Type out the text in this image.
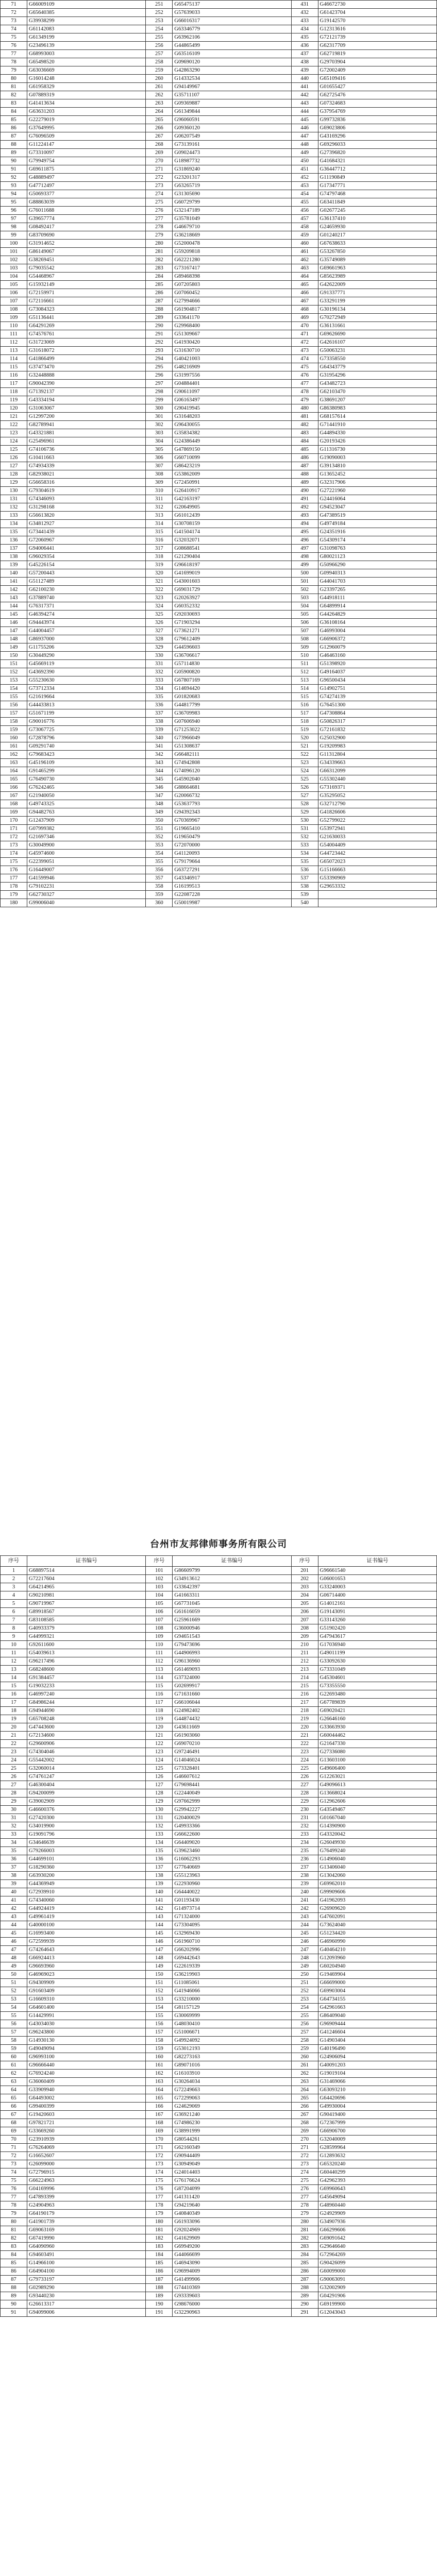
71	G66009109	251	G65475137	431	G46672730
72	G65640385	252	G57639033	432	G61423704
73	G39938299	253	G66016317	433	G19142570
74	G61142083	254	G63346779	434	G12313616
75	G61349199	255	G63962106	435	G72121739
76	G23496139	256	G44865499	436	G62317709
77	G68993003	257	G63516109	437	G62719819
78	G65498520	258	G09690120	438	G29703904
79	G63036669	259	G42863290	439	G72002409
80	G16014248	260	G14332534	440	G65109416
81	G61958329	261	G94149967	441	G01655427
82	G07889319	262	G35711107	442	G62725476
83	G41413634	263	G09369887	443	G07324683
84	G63631203	264	G61349844	444	G37954769
85	G22279019	265	G96060591	445	G99732836
86	G37649995	266	G09360120	446	G69023806
87	G76096509	267	G06207549	447	G43169296
88	G11224147	268	G73139161	448	G69296033
89	G73310097	269	G09024473	449	G27396820
90	G79949754	270	G18987732	450	G41684321
91	G69611875	271	G31869240	451	G36447712
92	G48889497	272	G23201317	452	G11190849
93	G47712497	273	G63265719	453	G17347771
94	G50693377	274	G31305690	454	G74797468
95	G88863039	275	G60729799	455	G63411849
96	G76011688	276	G32147189	456	G02677245
97	G39657774	277	G35781049	457	G36137410
98	G08492417	278	G46679710	458	G24659930
99	G83709690	279	G36218669	459	G01240217
100	G31914652	280	G52000478	460	G67638633
101	G86149067	281	G59209818	461	G53267850
102	G38269451	282	G62221280	462	G35749089
103	G79035542	283	G73167417	463	G69661963
104	G54468967	284	G89468398	464	G85623989
105	G15932149	285	G07205803	465	G42622009
106	G72159971	286	G07060452	466	G91337771
107	G72116661	287	G27994666	467	G33291199
108	G73084323	288	G61904817	468	G30196134
109	G51136441	289	G33641170	469	G70272949
110	G64291269	290	G29968400	470	G36131661
111	G74576761	291	G51309667	471	G69626690
112	G31723069	292	G41930420	472	G42616107
113	G31618072	293	G31630710	473	G50063231
114	G41866499	294	G40421003	474	G73358550
115	G37473470	295	G48216909	475	G64343779
116	G32448888	296	G31997556	476	G31954296
117	G90042390	297	G04884401	477	G43482723
118	G71392137	298	G90611097	478	G62103470
119	G43334194	299	G06163497	479	G38691207
120	G31063067	300	G90419945	480	G86380983
121	G12997200	301	G31648203	481	G68157614
122	G82789941	302	G96430055	482	G71441910
123	G43321881	303	G35834382	483	G44894330
124	G25496961	304	G24386449	484	G20193426
125	G74106736	305	G47869150	485	G11316730
126	G10411663	306	G60710099	486	G19090003
127	G74934339	307	G86423219	487	G39134810
128	G82938021	308	G53862009	488	G13652452
129	G56658316	309	G72450991	489	G32317906
130	G79304619	310	G26410917	490	G27221960
131	G74346093	311	G42163197	491	G24416064
132	G31298168	312	G20649905	492	G94523047
133	G56613820	313	G61012439	493	G47389519
134	G34812927	314	G30708159	494	G49749184
135	G73441439	315	G41504174	495	G24351916
136	G72060967	316	G32032071	496	G54309174
137	G94006441	317	G08688541	497	G31098763
138	G96029354	318	G21290404	498	G80021123
139	G45226154	319	G96618197	499	G50966290
140	G57200443	320	G41699019	500	G09940313
141	G51127489	321	G43001603	501	G44041703
142	G62100230	322	G69031729	502	G23397265
143	G37889740	323	G20263927	503	G44918111
144	G76317371	324	G60352332	504	G64899914
145	G46394274	325	G92030693	505	G44264829
146	G94443974	326	G71903294	506	G36108164
147	G44004457	327	G73621271	507	G46993004
148	G86937000	328	G79612409	508	G66906372
149	G11755206	329	G44596603	509	G12960079
150	G30449290	330	G36706617	510	G46463160
151	G45669119	331	G57114830	511	G51398920
152	G43692390	332	G05900820	512	G49164037
153	G55230630	333	G67807169	513	G96500434
154	G73712334	334	G14694420	514	G14902751
155	G21619664	335	G01820683	515	G74274139
156	G44433813	336	G44817799	516	G76451300
157	G51671199	337	G36709983	517	G47308864
158	G90016776	338	G07606940	518	G50826317
159	G73067725	339	G71253022	519	G72161832
160	G72878796	340	G73966049	520	G25032900
161	G09291740	341	G51308637	521	G19209983
162	G79683423	342	G66482111	522	G11312804
163	G45196109	343	G74942808	523	G34339663
164	G91465299	344	G74096120	524	G66312099
165	G76490730	345	G45902040	525	G55302440
166	G76242465	346	G88664681	526	G73169371
167	G21940050	347	G20066732	527	G35295052
168	G49743325	348	G53637793	528	G32712790
169	G94482763	349	G94392343	529	G41826606
170	G12437909	350	G70369967	530	G52799022
171	G07999382	351	G19665410	531	G53972941
172	G21697346	352	G19650479	532	G21630033
173	G30049900	353	G72070000	533	G54004409
174	G45974600	354	G41120093	534	G44723442
175	G22399051	355	G79179664	535	G65072023
176	G16449007	356	G63727291	536	G15166663
177	G41599946	357	G43346917	537	G53390969
178	G79102231	358	G16199513	538	G29653332
179	G62730327	359	G22087228	539	
180	G99006040	360	G50019987	540	
台州市友邦律师事务所有限公司
序号	证书编号	序号	证书编号	序号	证书编号
1	G68897514	101	G86609799	201	G96661540
2	G72217604	102	G34913612	202	G06001653
3	G64214965	103	G33642397	203	G33240003
4	G90210981	104	G41663311	204	G06714400
5	G90719967	105	G67731045	205	G14012161
6	G89918567	106	G61616059	206	G19143091
7	G83108585	107	G25961669	207	G33143260
8	G40933379	108	G36000946	208	G51902420
9	G44999321	109	G94651543	209	G47943617
10	G92611600	110	G79473696	210	G17036940
11	G54039613	111	G44906993	211	G49011199
12	G96217496	112	G96136960	212	G33092630
13	G68248600	113	G61469093	213	G73331049
14	G91384457	114	G37324000	214	G45304601
15	G19032233	115	G02699917	215	G73355550
16	G46997240	116	G71631660	216	G22693480
17	G84986244	117	G66106044	217	G67789839
18	G94944690	118	G24982402	218	G69020421
19	G65708248	119	G44874432	219	G26646160
20	G47443600	120	G43611669	220	G33663930
21	G72134600	121	G61903060	221	G60044462
22	G29600906	122	G69070210	222	G21647330
23	G74304046	123	G97246491	223	G27336080
24	G55442002	124	G14046024	224	G13603100
25	G32060014	125	G73328401	225	G49606400
26	G74761247	126	G46607612	226	G12263021
27	G46300404	127	G79698441	227	G49096613
28	G94200099	128	G22440049	228	G13668024
29	G39002909	129	G97662999	229	G12962606
30	G46600376	130	G29942227	230	G43549467
31	G27420300	131	G20400029	231	G01667040
32	G34019900	132	G49933366	232	G14390900
33	G19091796	133	G66622600	233	G43320042
34	G34646639	134	G64409020	234	G26049930
35	G79266003	135	G39623460	235	G76499240
36	G44699101	136	G16062293	236	G14906040
37	G18290360	137	G77640669	237	G13406040
38	G63930200	138	G55123963	238	G13042060
39	G44369949	139	G22930960	239	G69962010
40	G72939910	140	G64440022	240	G99909606
41	G74340060	141	G01193430	241	G41962093
42	G44924419	142	G14973714	242	G26909620
43	G49961419	143	G71324000	243	G47602091
44	G40000100	144	G73304095	244	G73624040
45	G16993400	145	G32969430	245	G51234420
46	G72599939	146	G61960710	246	G46960990
47	G74264643	147	G66202996	247	G40464210
48	G66924413	148	G69442643	248	G12093960
49	G96693960	149	G22619339	249	G60204940
50	G46969023	150	G36219903	250	G19469904
51	G94309909	151	G11085061	251	G66699000
52	G91603409	152	G41946066	252	G69903004
53	G16609310	153	G33210000	253	G64734155
54	G64601400	154	G81157129	254	G42961663
55	G14429991	155	G30069999	255	G86409040
56	G43034030	156	G48030410	256	G96909444
57	G96243800	157	G51006671	257	G41246604
58	G14930130	158	G49924092	258	G14903404
59	G49049094	159	G53012193	259	G40196490
60	G96993100	160	G82273163	260	G24906094
61	G96666440	161	G89071016	261	G40091203
62	G76924240	162	G16103910	262	G19019104
63	G36060409	163	G30264034	263	G31469066
64	G33909940	164	G72249663	264	G63093210
65	G64493002	165	G72299063	265	G64420696
66	G99400399	166	G24629069	266	G49930004
67	G19420603	167	G36921240	267	G90419400
68	G97821721	168	G74986230	268	G72367999
69	G33669260	169	G38991999	269	G66906700
70	G23910939	170	G80544261	270	G32040009
71	G76264069	171	G62160349	271	G28599964
72	G16652607	172	G90944409	272	G12893632
73	G26099000	173	G30949049	273	G65320240
74	G72796915	174	G24014403	274	G60440299
75	G66224963	175	G76176624	275	G42962393
76	G04169996	176	G87204099	276	G69960643
77	G47893399	177	G41311420	277	G45649094
78	G24904963	178	G94219640	278	G48960440
79	G64190179	179	G40840349	279	G24929909
80	G41901739	180	G61933096	280	G34907936
81	G69063169	181	G92024969	281	G66299606
82	G67419990	182	G41629909	282	G69091642
83	G64090960	183	G69949200	283	G29646640
84	G94603491	184	G44066699	284	G72964269
85	G14966100	185	G46943090	285	G90426099
86	G64904100	186	G96994009	286	G60099000
87	G79733197	187	G41499906	287	G90063091
88	G02989290	188	G74410369	288	G32002909
89	G93440230	189	G93339603	289	G04291906
90	G26613317	190	G98676000	290	G69199900
91	G94099006	191	G32290963	291	G12043043
